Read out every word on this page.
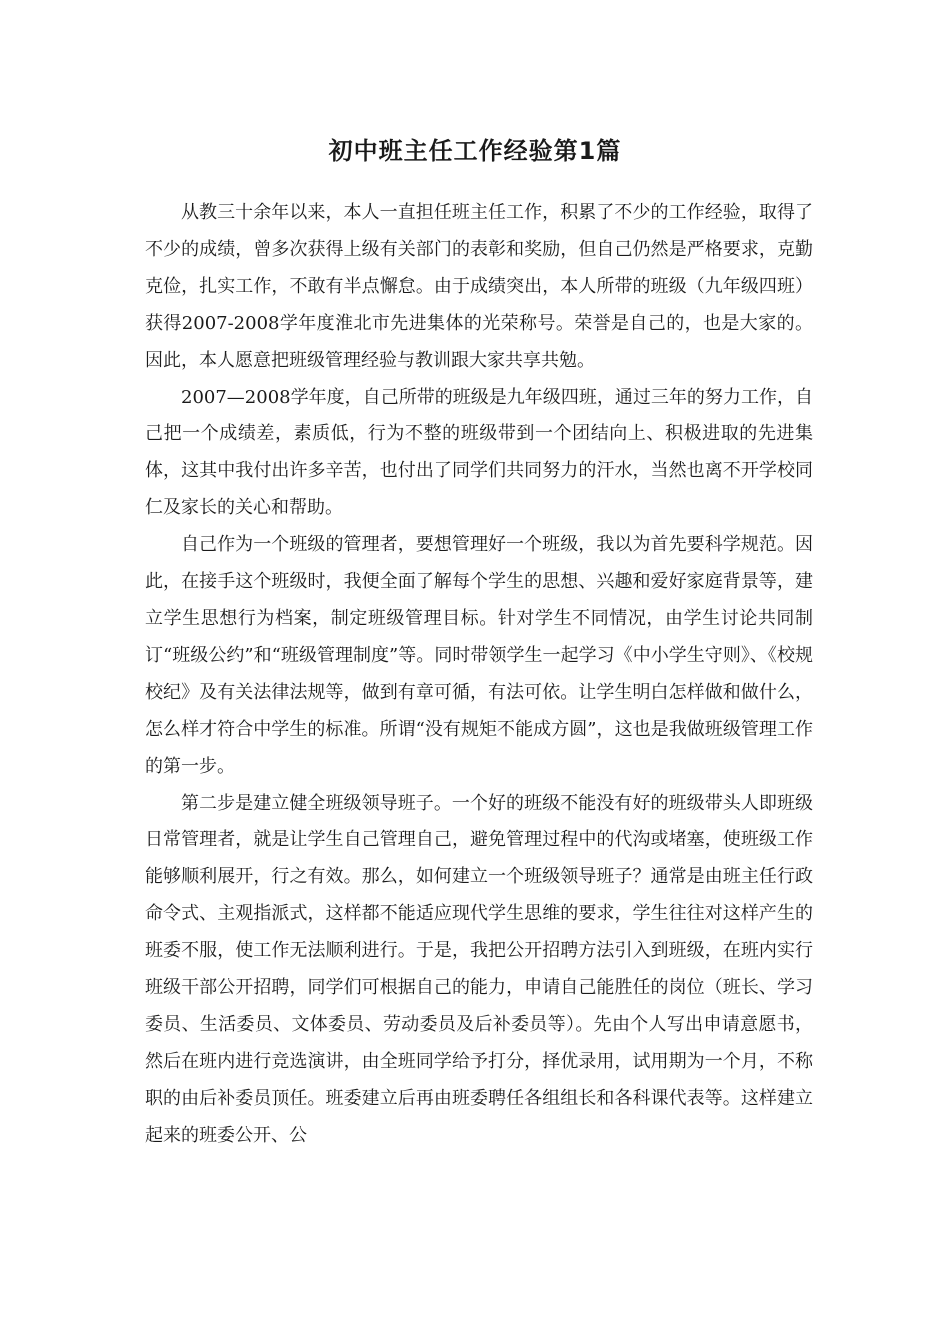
初中班主任工作经验第1篇

从教三十余年以来，本人一直担任班主任工作，积累了不少的工作经验，取得了不少的成绩，曾多次获得上级有关部门的表彰和奖励，但自己仍然是严格要求，克勤克俭，扎实工作，不敢有半点懈怠。由于成绩突出，本人所带的班级（九年级四班）获得2007-2008学年度淮北市先进集体的光荣称号。荣誉是自己的，也是大家的。因此，本人愿意把班级管理经验与教训跟大家共享共勉。

2007—2008学年度，自己所带的班级是九年级四班，通过三年的努力工作，自己把一个成绩差，素质低，行为不整的班级带到一个团结向上、积极进取的先进集体，这其中我付出许多辛苦，也付出了同学们共同努力的汗水，当然也离不开学校同仁及家长的关心和帮助。

自己作为一个班级的管理者，要想管理好一个班级，我以为首先要科学规范。因此，在接手这个班级时，我便全面了解每个学生的思想、兴趣和爱好家庭背景等，建立学生思想行为档案，制定班级管理目标。针对学生不同情况，由学生讨论共同制订“班级公约”和“班级管理制度”等。同时带领学生一起学习《中小学生守则》、《校规校纪》及有关法律法规等，做到有章可循，有法可依。让学生明白怎样做和做什么，怎么样才符合中学生的标准。所谓“没有规矩不能成方圆”，这也是我做班级管理工作的第一步。

第二步是建立健全班级领导班子。一个好的班级不能没有好的班级带头人即班级日常管理者，就是让学生自己管理自己，避免管理过程中的代沟或堵塞，使班级工作能够顺利展开，行之有效。那么，如何建立一个班级领导班子？通常是由班主任行政命令式、主观指派式，这样都不能适应现代学生思维的要求，学生往往对这样产生的班委不服，使工作无法顺利进行。于是，我把公开招聘方法引入到班级，在班内实行班级干部公开招聘，同学们可根据自己的能力，申请自己能胜任的岗位（班长、学习委员、生活委员、文体委员、劳动委员及后补委员等）。先由个人写出申请意愿书，然后在班内进行竞选演讲，由全班同学给予打分，择优录用，试用期为一个月，不称职的由后补委员顶任。班委建立后再由班委聘任各组组长和各科课代表等。这样建立起来的班委公开、公
